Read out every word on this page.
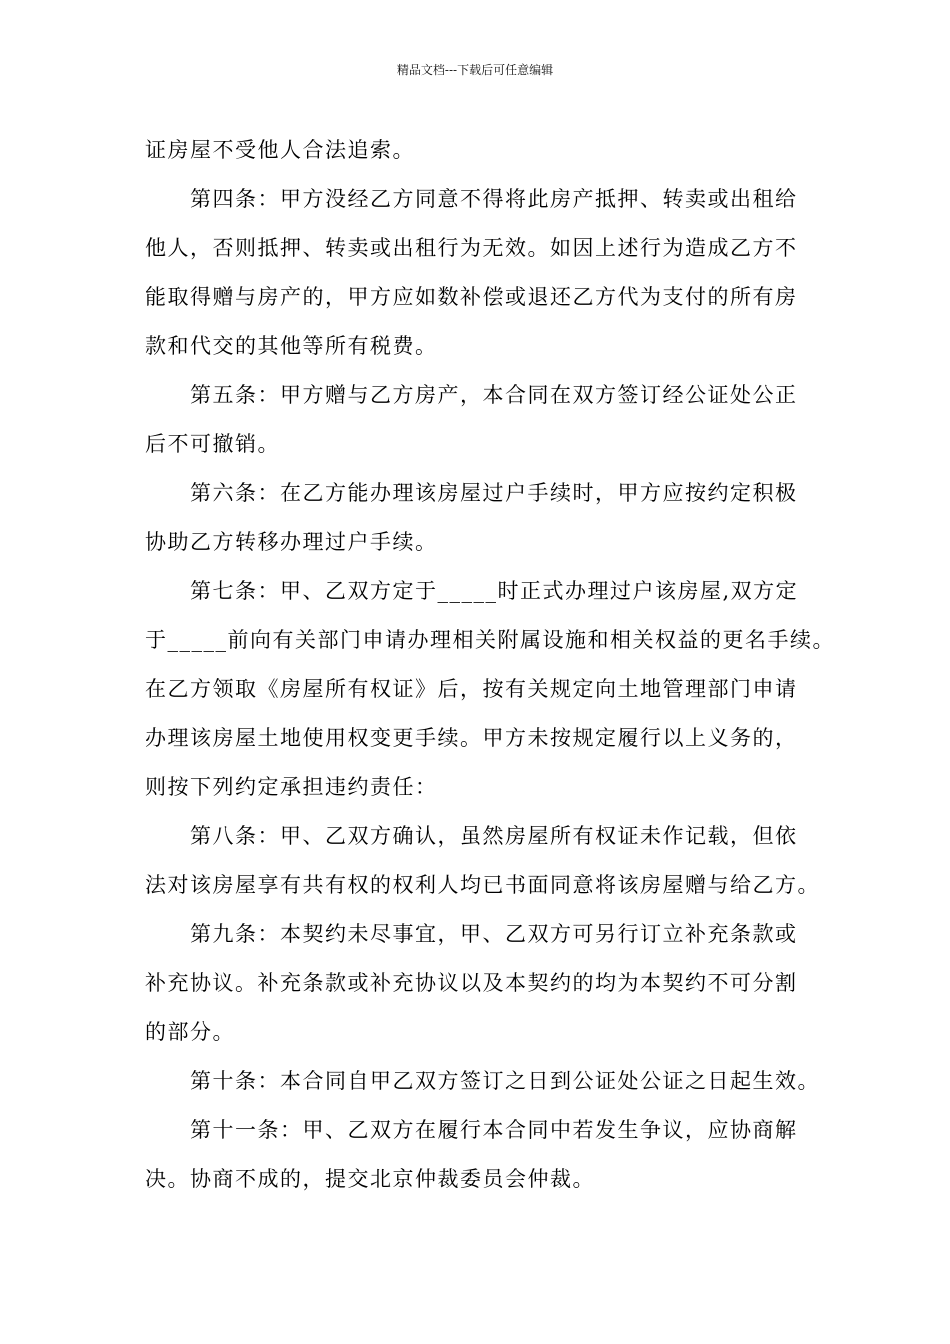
精品文档---下载后可任意编辑
证房屋不受他人合法追索。
第四条：甲方没经乙方同意不得将此房产抵押、转卖或出租给
他人，否则抵押、转卖或出租行为无效。如因上述行为造成乙方不
能取得赠与房产的，甲方应如数补偿或退还乙方代为支付的所有房
款和代交的其他等所有税费。
第五条：甲方赠与乙方房产，本合同在双方签订经公证处公正
后不可撤销。
第六条：在乙方能办理该房屋过户手续时，甲方应按约定积极
协助乙方转移办理过户手续。
第七条：甲、乙双方定于_____时正式办理过户该房屋,双方定
于_____前向有关部门申请办理相关附属设施和相关权益的更名手续。
在乙方领取《房屋所有权证》后，按有关规定向土地管理部门申请
办理该房屋土地使用权变更手续。甲方未按规定履行以上义务的，
则按下列约定承担违约责任：
第八条：甲、乙双方确认，虽然房屋所有权证未作记载，但依
法对该房屋享有共有权的权利人均已书面同意将该房屋赠与给乙方。
第九条：本契约未尽事宜，甲、乙双方可另行订立补充条款或
补充协议。补充条款或补充协议以及本契约的均为本契约不可分割
的部分。
第十条：本合同自甲乙双方签订之日到公证处公证之日起生效。
第十一条：甲、乙双方在履行本合同中若发生争议，应协商解
决。协商不成的，提交北京仲裁委员会仲裁。
